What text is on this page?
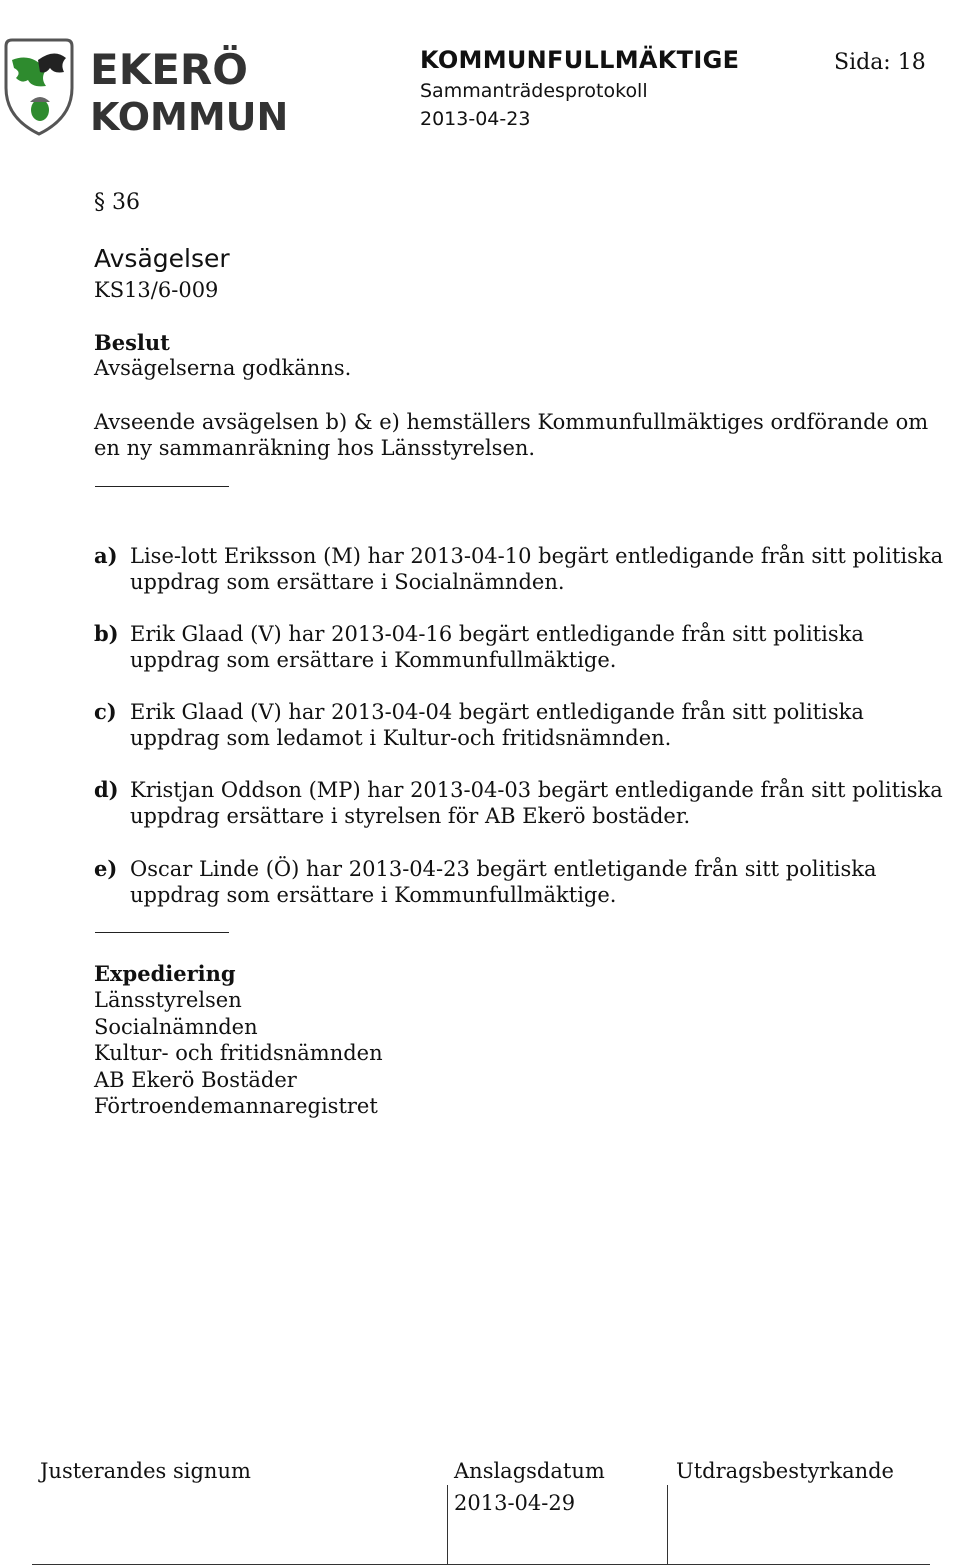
EKERÖ
KOMMUN
KOMMUNFULLMÄKTIGE	Sida: 18
Sammanträdesprotokoll
2013-04-23
§ 36
Avsägelser
KS13/6-009
Beslut
Avsägelserna godkänns.
Avseende avsägelsen b) & e) hemställers Kommunfullmäktiges ordförande om en ny sammanräkning hos Länsstyrelsen.
a) Lise-lott Eriksson (M) har 2013-04-10 begärt entledigande från sitt politiska uppdrag som ersättare i Socialnämnden.
b) Erik Glaad (V) har 2013-04-16 begärt entledigande från sitt politiska uppdrag som ersättare i Kommunfullmäktige.
c) Erik Glaad (V) har 2013-04-04 begärt entledigande från sitt politiska uppdrag som ledamot i Kultur-och fritidsnämnden.
d) Kristjan Oddson (MP) har 2013-04-03 begärt entledigande från sitt politiska uppdrag ersättare i styrelsen för AB Ekerö bostäder.
e) Oscar Linde (Ö) har 2013-04-23 begärt entletigande från sitt politiska uppdrag som ersättare i Kommunfullmäktige.
Expediering
Länsstyrelsen
Socialnämnden
Kultur- och fritidsnämnden
AB Ekerö Bostäder
Förtroendemannaregistret
Justerandes signum	Anslagsdatum	Utdragsbestyrkande
2013-04-29
